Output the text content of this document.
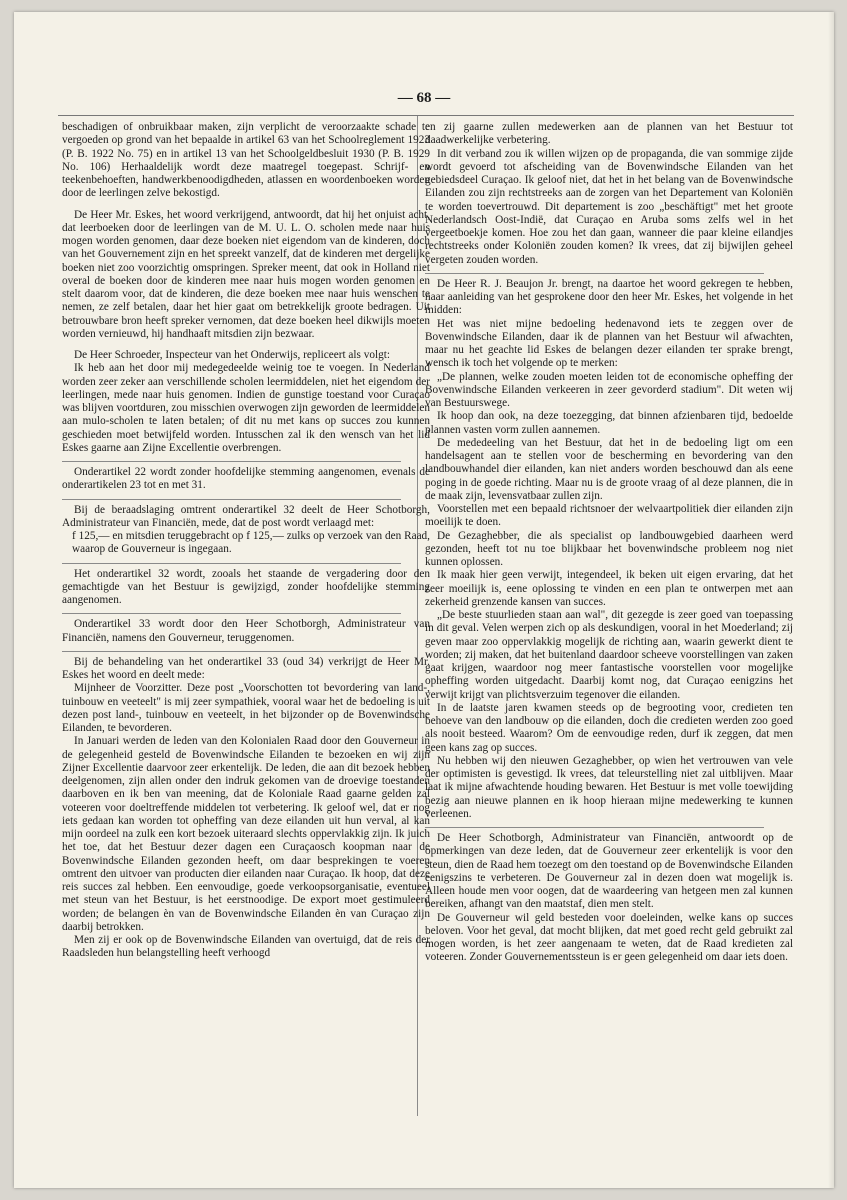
— 68 —

beschadigen of onbruikbaar maken, zijn verplicht de veroorzaakte schade te vergoeden op grond van het bepaalde in artikel 63 van het Schoolreglement 1923 (P. B. 1922 No. 75) en in artikel 13 van het Schoolgeldbesluit 1930 (P. B. 1929 No. 106) Herhaaldelijk wordt deze maatregel toegepast. Schrijf- en teekenbehoeften, handwerkbenoodigdheden, atlassen en woordenboeken worden door de leerlingen zelve bekostigd.

De Heer Mr. Eskes, het woord verkrijgend, antwoordt, dat hij het onjuist acht, dat leerboeken door de leerlingen van de M. U. L. O. scholen mede naar huis mogen worden genomen, daar deze boeken niet eigendom van de kinderen, doch van het Gouvernement zijn en het spreekt vanzelf, dat de kinderen met dergelijke boeken niet zoo voorzichtig omspringen. Spreker meent, dat ook in Holland niet overal de boeken door de kinderen mee naar huis mogen worden genomen en stelt daarom voor, dat de kinderen, die deze boeken mee naar huis wenschen te nemen, ze zelf betalen, daar het hier gaat om betrekkelijk groote bedragen. Uit betrouwbare bron heeft spreker vernomen, dat deze boeken heel dikwijls moeten worden vernieuwd, hij handhaaft mitsdien zijn bezwaar.

De Heer Schroeder, Inspecteur van het Onderwijs, repliceert als volgt:

Ik heb aan het door mij medegedeelde weinig toe te voegen. In Nederland worden zeer zeker aan verschillende scholen leermiddelen, niet het eigendom der leerlingen, mede naar huis genomen. Indien de gunstige toestand voor Curaçao was blijven voortduren, zou misschien overwogen zijn geworden de leermiddelen aan mulo-scholen te laten betalen; of dit nu met kans op succes zou kunnen geschieden moet betwijfeld worden. Intusschen zal ik den wensch van het lid Eskes gaarne aan Zijne Excellentie overbrengen.

Onderartikel 22 wordt zonder hoofdelijke stemming aangenomen, evenals de onderartikelen 23 tot en met 31.

Bij de beraadslaging omtrent onderartikel 32 deelt de Heer Schotborgh, Administrateur van Financiën, mede, dat de post wordt verlaagd met:

f 125,— en mitsdien teruggebracht op f 125,— zulks op verzoek van den Raad, waarop de Gouverneur is ingegaan.

Het onderartikel 32 wordt, zooals het staande de vergadering door den gemachtigde van het Bestuur is gewijzigd, zonder hoofdelijke stemming aangenomen.

Onderartikel 33 wordt door den Heer Schotborgh, Administrateur van Financiën, namens den Gouverneur, teruggenomen.

Bij de behandeling van het onderartikel 33 (oud 34) verkrijgt de Heer Mr. Eskes het woord en deelt mede:

Mijnheer de Voorzitter. Deze post „Voorschotten tot bevordering van land-, tuinbouw en veeteelt" is mij zeer sympathiek, vooral waar het de bedoeling is uit dezen post land-, tuinbouw en veeteelt, in het bijzonder op de Bovenwindsche Eilanden, te bevorderen.

In Januari werden de leden van den Kolonialen Raad door den Gouverneur in de gelegenheid gesteld de Bovenwindsche Eilanden te bezoeken en wij zijn Zijner Excellentie daarvoor zeer erkentelijk. De leden, die aan dit bezoek hebben deelgenomen, zijn allen onder den indruk gekomen van de droevige toestanden daarboven en ik ben van meening, dat de Koloniale Raad gaarne gelden zal voteeren voor doeltreffende middelen tot verbetering. Ik geloof wel, dat er nog iets gedaan kan worden tot opheffing van deze eilanden uit hun verval, al kan mijn oordeel na zulk een kort bezoek uiteraard slechts oppervlakkig zijn. Ik juich het toe, dat het Bestuur dezer dagen een Curaçaosch koopman naar de Bovenwindsche Eilanden gezonden heeft, om daar besprekingen te voeren omtrent den uitvoer van producten dier eilanden naar Curaçao. Ik hoop, dat deze reis succes zal hebben. Een eenvoudige, goede verkoopsorganisatie, eventueel met steun van het Bestuur, is het eerstnoodige. De export moet gestimuleerd worden; de belangen èn van de Bovenwindsche Eilanden èn van Curaçao zijn daarbij betrokken.

Men zij er ook op de Bovenwindsche Eilanden van overtuigd, dat de reis der Raadsleden hun belangstelling heeft verhoogd

en zij gaarne zullen medewerken aan de plannen van het Bestuur tot daadwerkelijke verbetering.

In dit verband zou ik willen wijzen op de propaganda, die van sommige zijde wordt gevoerd tot afscheiding van de Bovenwindsche Eilanden van het gebiedsdeel Curaçao. Ik geloof niet, dat het in het belang van de Bovenwindsche Eilanden zou zijn rechtstreeks aan de zorgen van het Departement van Koloniën te worden toevertrouwd. Dit departement is zoo „beschäftigt" met het groote Nederlandsch Oost-Indië, dat Curaçao en Aruba soms zelfs wel in het vergeetboekje komen. Hoe zou het dan gaan, wanneer die paar kleine eilandjes rechtstreeks onder Koloniën zouden komen? Ik vrees, dat zij bijwijlen geheel vergeten zouden worden.

De Heer R. J. Beaujon Jr. brengt, na daartoe het woord gekregen te hebben, naar aanleiding van het gesprokene door den heer Mr. Eskes, het volgende in het midden:

Het was niet mijne bedoeling hedenavond iets te zeggen over de Bovenwindsche Eilanden, daar ik de plannen van het Bestuur wil afwachten, maar nu het geachte lid Eskes de belangen dezer eilanden ter sprake brengt, wensch ik toch het volgende op te merken:

„De plannen, welke zouden moeten leiden tot de economische opheffing der Bovenwindsche Eilanden verkeeren in zeer gevorderd stadium". Dit weten wij van Bestuurswege.

Ik hoop dan ook, na deze toezegging, dat binnen afzienbaren tijd, bedoelde plannen vasten vorm zullen aannemen.

De mededeeling van het Bestuur, dat het in de bedoeling ligt om een handelsagent aan te stellen voor de bescherming en bevordering van den landbouwhandel dier eilanden, kan niet anders worden beschouwd dan als eene poging in de goede richting. Maar nu is de groote vraag of al deze plannen, die in de maak zijn, levensvatbaar zullen zijn.

Voorstellen met een bepaald richtsnoer der welvaartpolitiek dier eilanden zijn moeilijk te doen.

De Gezaghebber, die als specialist op landbouwgebied daarheen werd gezonden, heeft tot nu toe blijkbaar het bovenwindsche probleem nog niet kunnen oplossen.

Ik maak hier geen verwijt, integendeel, ik beken uit eigen ervaring, dat het zeer moeilijk is, eene oplossing te vinden en een plan te ontwerpen met aan zekerheid grenzende kansen van succes.

„De beste stuurlieden staan aan wal", dit gezegde is zeer goed van toepassing in dit geval. Velen werpen zich op als deskundigen, vooral in het Moederland; zij geven maar zoo oppervlakkig mogelijk de richting aan, waarin gewerkt dient te worden; zij maken, dat het buitenland daardoor scheeve voorstellingen van zaken gaat krijgen, waardoor nog meer fantastische voorstellen voor mogelijke opheffing worden uitgedacht. Daarbij komt nog, dat Curaçao eenigzins het verwijt krijgt van plichtsverzuim tegenover die eilanden.

In de laatste jaren kwamen steeds op de begrooting voor, credieten ten behoeve van den landbouw op die eilanden, doch die credieten werden zoo goed als nooit besteed. Waarom? Om de eenvoudige reden, durf ik zeggen, dat men geen kans zag op succes.

Nu hebben wij den nieuwen Gezaghebber, op wien het vertrouwen van vele der optimisten is gevestigd. Ik vrees, dat teleurstelling niet zal uitblijven. Maar laat ik mijne afwachtende houding bewaren. Het Bestuur is met volle toewijding bezig aan nieuwe plannen en ik hoop hieraan mijne medewerking te kunnen verleenen.

De Heer Schotborgh, Administrateur van Financiën, antwoordt op de opmerkingen van deze leden, dat de Gouverneur zeer erkentelijk is voor den steun, dien de Raad hem toezegt om den toestand op de Bovenwindsche Eilanden eenigszins te verbeteren. De Gouverneur zal in dezen doen wat mogelijk is. Alleen houde men voor oogen, dat de waardeering van hetgeen men zal kunnen bereiken, afhangt van den maatstaf, dien men stelt.

De Gouverneur wil geld besteden voor doeleinden, welke kans op succes beloven. Voor het geval, dat mocht blijken, dat met goed recht geld gebruikt zal mogen worden, is het zeer aangenaam te weten, dat de Raad kredieten zal voteeren. Zonder Gouvernementssteun is er geen gelegenheid om daar iets doen.
